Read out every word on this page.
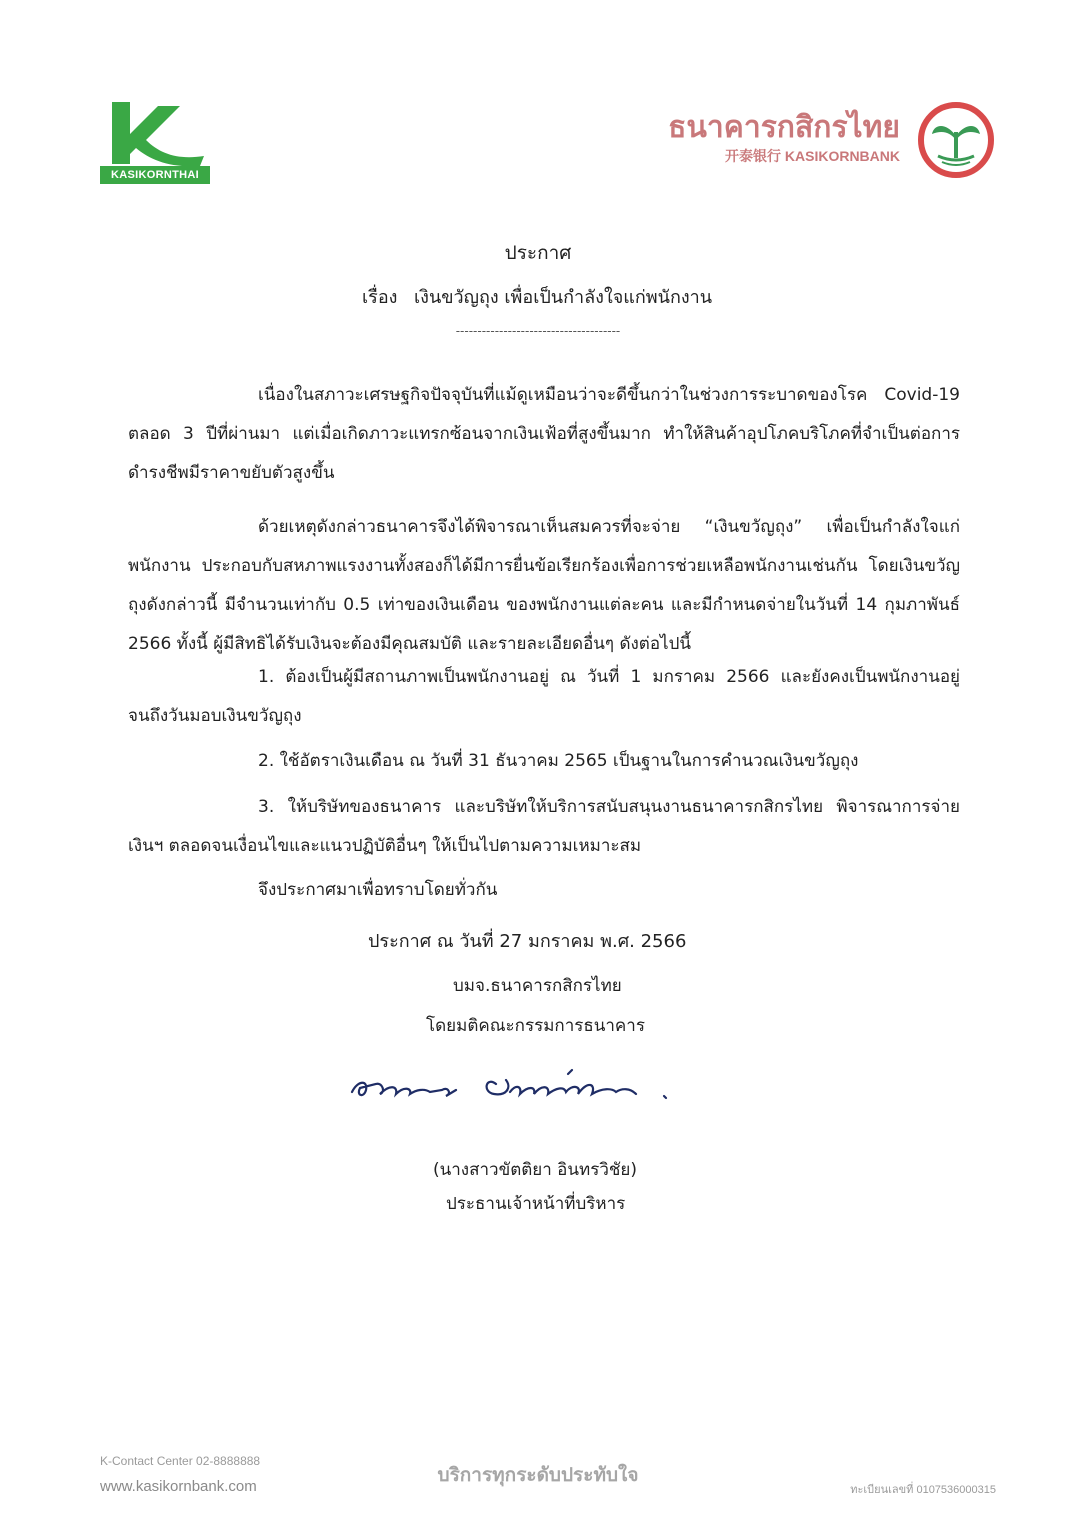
KASIKORNTHAI
ธนาคารกสิกรไทย
开泰银行 KASIKORNBANK
ประกาศ
เรื่อง เงินขวัญถุง เพื่อเป็นกำลังใจแก่พนักงาน
--------------------------------------
เนื่องในสภาวะเศรษฐกิจปัจจุบันที่แม้ดูเหมือนว่าจะดีขึ้นกว่าในช่วงการระบาดของโรค Covid-19 ตลอด 3 ปีที่ผ่านมา แต่เมื่อเกิดภาวะแทรกซ้อนจากเงินเฟ้อที่สูงขึ้นมาก ทำให้สินค้าอุปโภคบริโภคที่จำเป็นต่อการดำรงชีพมีราคาขยับตัวสูงขึ้น
ด้วยเหตุดังกล่าวธนาคารจึงได้พิจารณาเห็นสมควรที่จะจ่าย “เงินขวัญถุง” เพื่อเป็นกำลังใจแก่พนักงาน ประกอบกับสหภาพแรงงานทั้งสองก็ได้มีการยื่นข้อเรียกร้องเพื่อการช่วยเหลือพนักงานเช่นกัน โดยเงินขวัญถุงดังกล่าวนี้ มีจำนวนเท่ากับ 0.5 เท่าของเงินเดือน ของพนักงานแต่ละคน และมีกำหนดจ่ายในวันที่ 14 กุมภาพันธ์ 2566 ทั้งนี้ ผู้มีสิทธิได้รับเงินจะต้องมีคุณสมบัติ และรายละเอียดอื่นๆ ดังต่อไปนี้
1. ต้องเป็นผู้มีสถานภาพเป็นพนักงานอยู่ ณ วันที่ 1 มกราคม 2566 และยังคงเป็นพนักงานอยู่จนถึงวันมอบเงินขวัญถุง
2. ใช้อัตราเงินเดือน ณ วันที่ 31 ธันวาคม 2565 เป็นฐานในการคำนวณเงินขวัญถุง
3. ให้บริษัทของธนาคาร และบริษัทให้บริการสนับสนุนงานธนาคารกสิกรไทย พิจารณาการจ่ายเงินฯ ตลอดจนเงื่อนไขและแนวปฏิบัติอื่นๆ ให้เป็นไปตามความเหมาะสม
จึงประกาศมาเพื่อทราบโดยทั่วกัน
ประกาศ ณ วันที่ 27 มกราคม พ.ศ. 2566
บมจ.ธนาคารกสิกรไทย
โดยมติคณะกรรมการธนาคาร
(นางสาวขัตติยา อินทรวิชัย)
ประธานเจ้าหน้าที่บริหาร
K-Contact Center 02-8888888
www.kasikornbank.com
บริการทุกระดับประทับใจ
ทะเบียนเลขที่ 0107536000315
